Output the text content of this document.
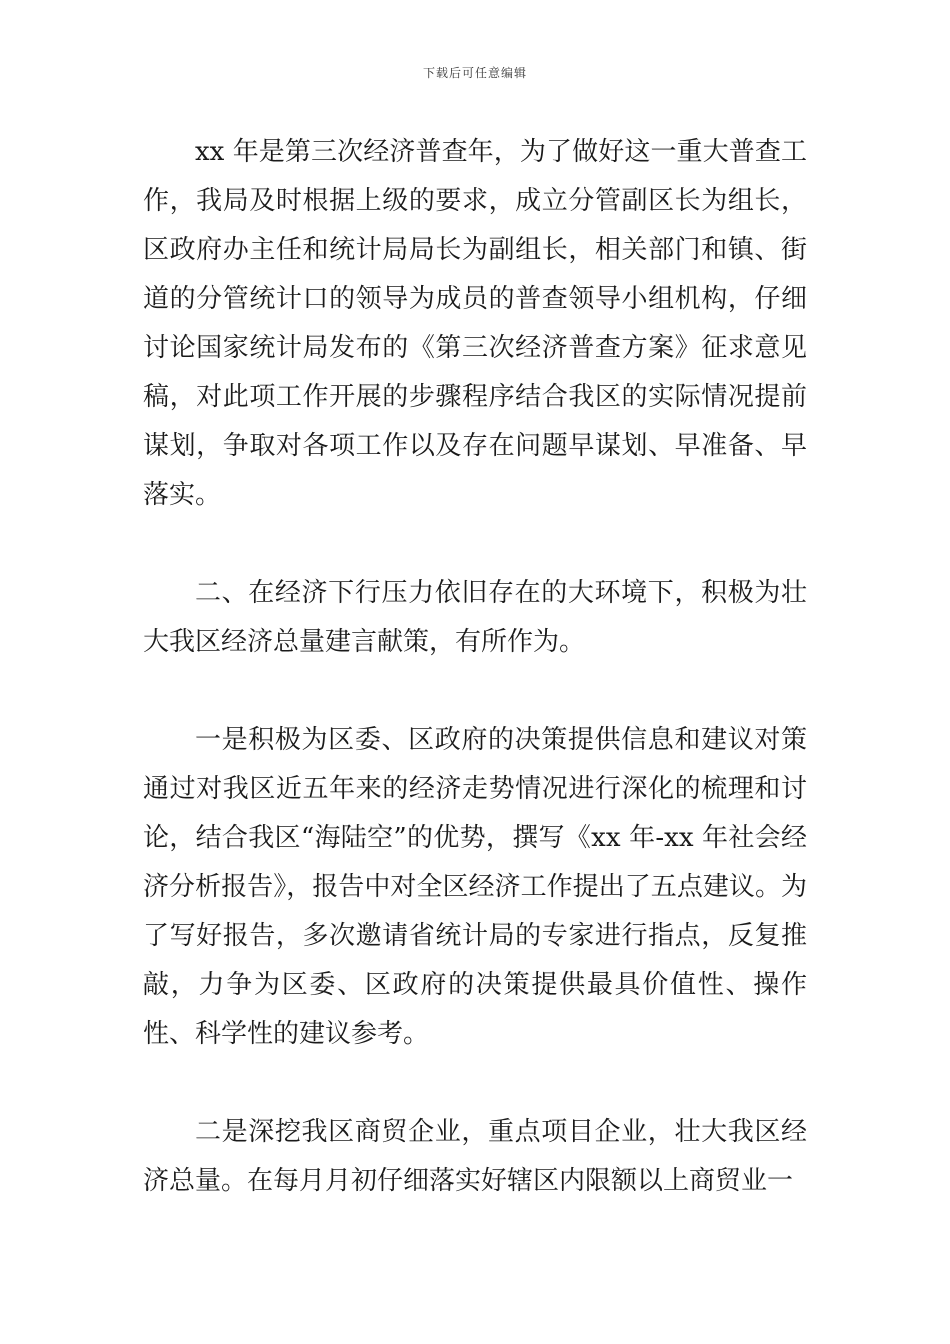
下载后可任意编辑

xx 年是第三次经济普查年，为了做好这一重大普查工作，我局及时根据上级的要求，成立分管副区长为组长，区政府办主任和统计局局长为副组长，相关部门和镇、街道的分管统计口的领导为成员的普查领导小组机构，仔细讨论国家统计局发布的《第三次经济普查方案》征求意见稿，对此项工作开展的步骤程序结合我区的实际情况提前谋划，争取对各项工作以及存在问题早谋划、早准备、早落实。

二、在经济下行压力依旧存在的大环境下，积极为壮大我区经济总量建言献策，有所作为。

一是积极为区委、区政府的决策提供信息和建议对策通过对我区近五年来的经济走势情况进行深化的梳理和讨论，结合我区“海陆空”的优势，撰写《xx 年-xx 年社会经济分析报告》，报告中对全区经济工作提出了五点建议。为了写好报告，多次邀请省统计局的专家进行指点，反复推敲，力争为区委、区政府的决策提供最具价值性、操作性、科学性的建议参考。

二是深挖我区商贸企业，重点项目企业，壮大我区经济总量。在每月月初仔细落实好辖区内限额以上商贸业一
